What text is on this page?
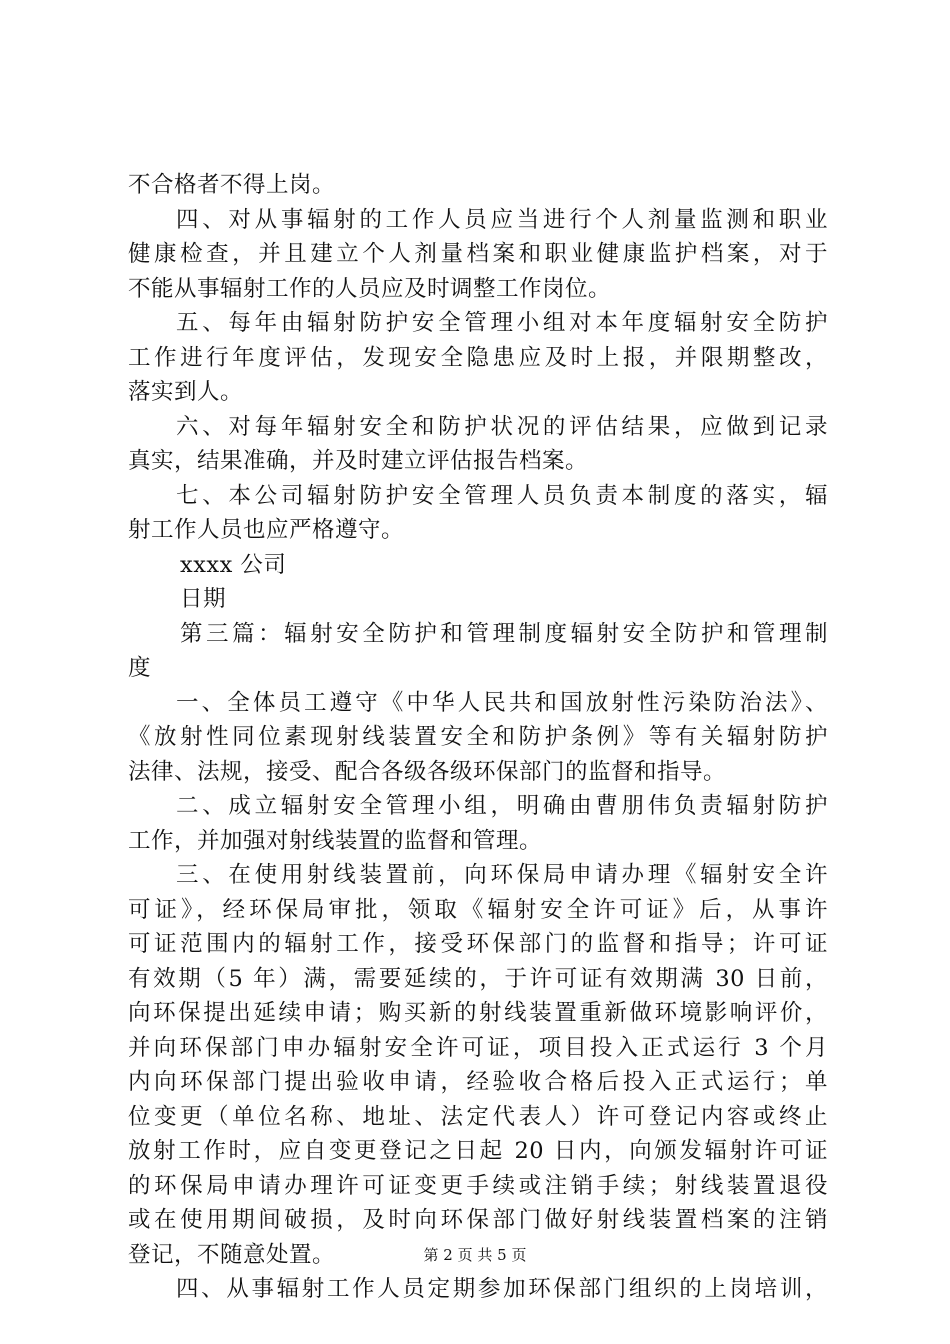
不合格者不得上岗。
四、对从事辐射的工作人员应当进行个人剂量监测和职业
健康检查，并且建立个人剂量档案和职业健康监护档案，对于
不能从事辐射工作的人员应及时调整工作岗位。
五、每年由辐射防护安全管理小组对本年度辐射安全防护
工作进行年度评估，发现安全隐患应及时上报，并限期整改，
落实到人。
六、对每年辐射安全和防护状况的评估结果，应做到记录
真实，结果准确，并及时建立评估报告档案。
七、本公司辐射防护安全管理人员负责本制度的落实，辐
射工作人员也应严格遵守。
xxxx 公司
日期
第三篇：辐射安全防护和管理制度辐射安全防护和管理制
度
一、全体员工遵守《中华人民共和国放射性污染防治法》、
《放射性同位素现射线装置安全和防护条例》等有关辐射防护
法律、法规，接受、配合各级各级环保部门的监督和指导。
二、成立辐射安全管理小组，明确由曹朋伟负责辐射防护
工作，并加强对射线装置的监督和管理。
三、在使用射线装置前，向环保局申请办理《辐射安全许
可证》，经环保局审批，领取《辐射安全许可证》后，从事许
可证范围内的辐射工作，接受环保部门的监督和指导；许可证
有效期（5 年）满，需要延续的，于许可证有效期满 30 日前，
向环保提出延续申请；购买新的射线装置重新做环境影响评价，
并向环保部门申办辐射安全许可证，项目投入正式运行 3 个月
内向环保部门提出验收申请，经验收合格后投入正式运行；单
位变更（单位名称、地址、法定代表人）许可登记内容或终止
放射工作时，应自变更登记之日起 20 日内，向颁发辐射许可证
的环保局申请办理许可证变更手续或注销手续；射线装置退役
或在使用期间破损，及时向环保部门做好射线装置档案的注销
登记，不随意处置。
四、从事辐射工作人员定期参加环保部门组织的上岗培训，
第 2 页 共 5 页
